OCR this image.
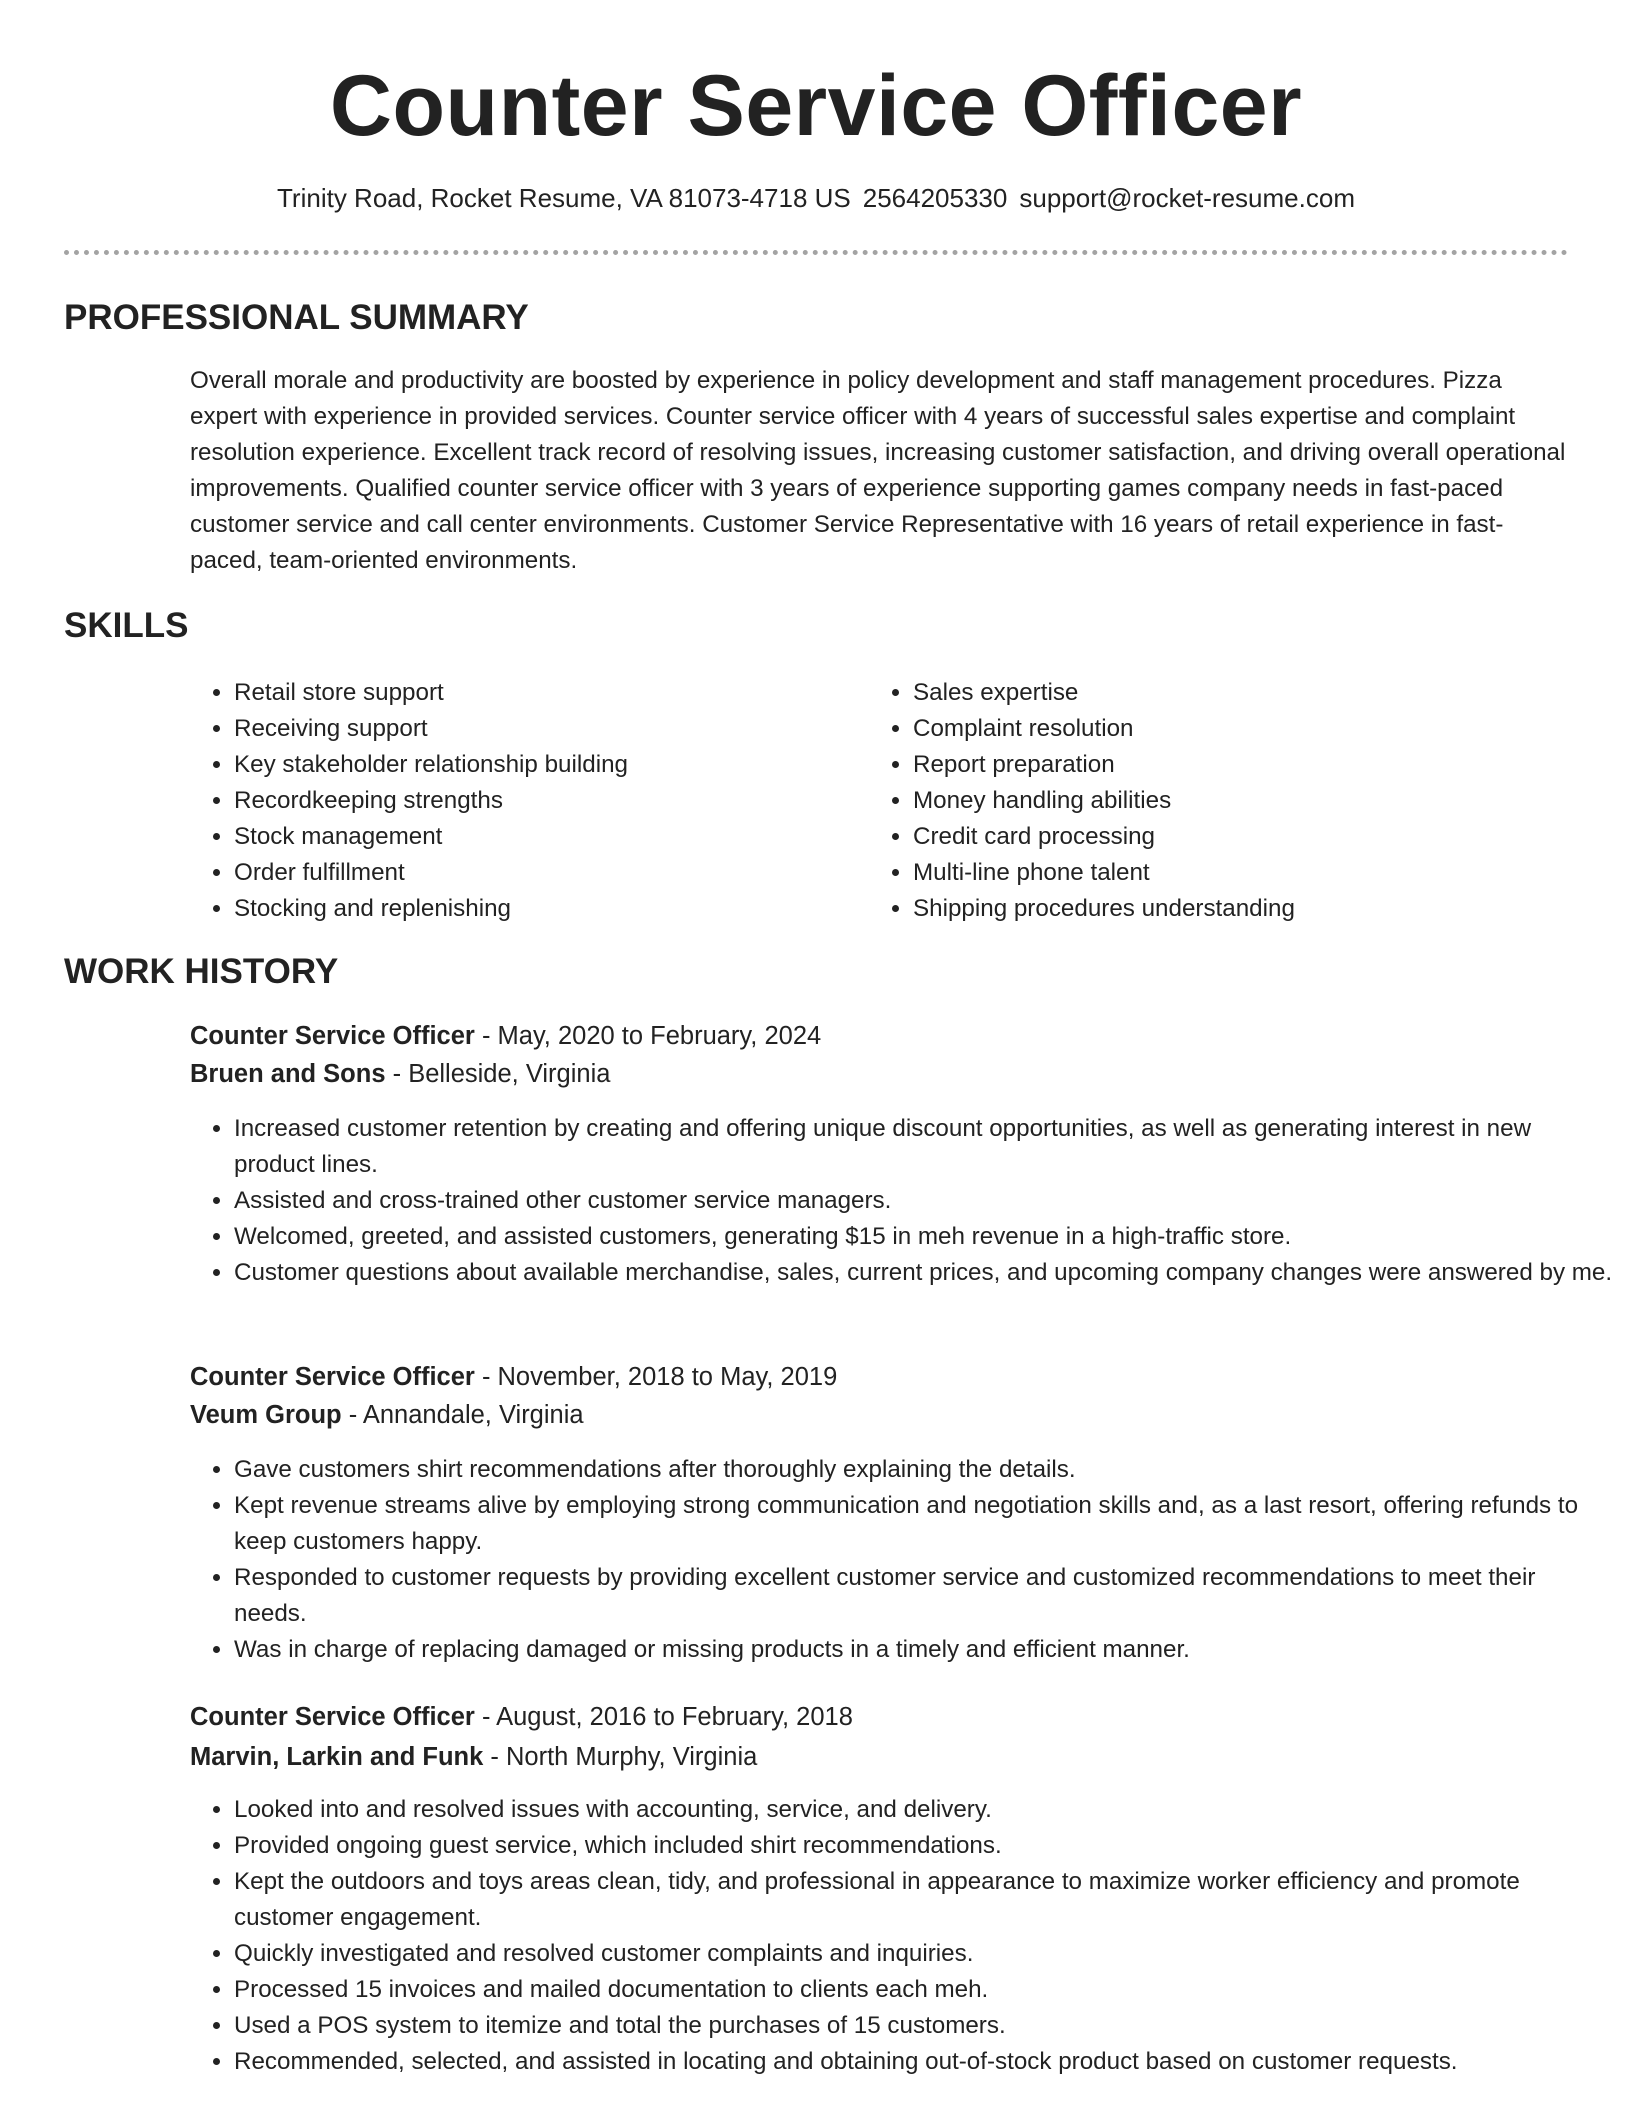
Counter Service Officer
Trinity Road, Rocket Resume, VA 81073-4718 US 2564205330 support@rocket-resume.com
PROFESSIONAL SUMMARY

Overall morale and productivity are boosted by experience in policy development and staff management procedures. Pizza expert with experience in provided services. Counter service officer with 4 years of successful sales expertise and complaint resolution experience. Excellent track record of resolving issues, increasing customer satisfaction, and driving overall operational improvements. Qualified counter service officer with 3 years of experience supporting games company needs in fast-paced customer service and call center environments. Customer Service Representative with 16 years of retail experience in fast-paced, team-oriented environments.

SKILLS
• Retail store support
• Receiving support
• Key stakeholder relationship building
• Recordkeeping strengths
• Stock management
• Order fulfillment
• Stocking and replenishing
• Sales expertise
• Complaint resolution
• Report preparation
• Money handling abilities
• Credit card processing
• Multi-line phone talent
• Shipping procedures understanding
WORK HISTORY
Counter Service Officer - May, 2020 to February, 2024
Bruen and Sons - Belleside, Virginia
• Increased customer retention by creating and offering unique discount opportunities, as well as generating interest in new product lines.
• Assisted and cross-trained other customer service managers.
• Welcomed, greeted, and assisted customers, generating $15 in meh revenue in a high-traffic store.
• Customer questions about available merchandise, sales, current prices, and upcoming company changes were answered by me.
Counter Service Officer - November, 2018 to May, 2019
Veum Group - Annandale, Virginia
• Gave customers shirt recommendations after thoroughly explaining the details.
• Kept revenue streams alive by employing strong communication and negotiation skills and, as a last resort, offering refunds to keep customers happy.
• Responded to customer requests by providing excellent customer service and customized recommendations to meet their needs.
• Was in charge of replacing damaged or missing products in a timely and efficient manner.
Counter Service Officer - August, 2016 to February, 2018
Marvin, Larkin and Funk - North Murphy, Virginia
• Looked into and resolved issues with accounting, service, and delivery.
• Provided ongoing guest service, which included shirt recommendations.
• Kept the outdoors and toys areas clean, tidy, and professional in appearance to maximize worker efficiency and promote customer engagement.
• Quickly investigated and resolved customer complaints and inquiries.
• Processed 15 invoices and mailed documentation to clients each meh.
• Used a POS system to itemize and total the purchases of 15 customers.
• Recommended, selected, and assisted in locating and obtaining out-of-stock product based on customer requests.
